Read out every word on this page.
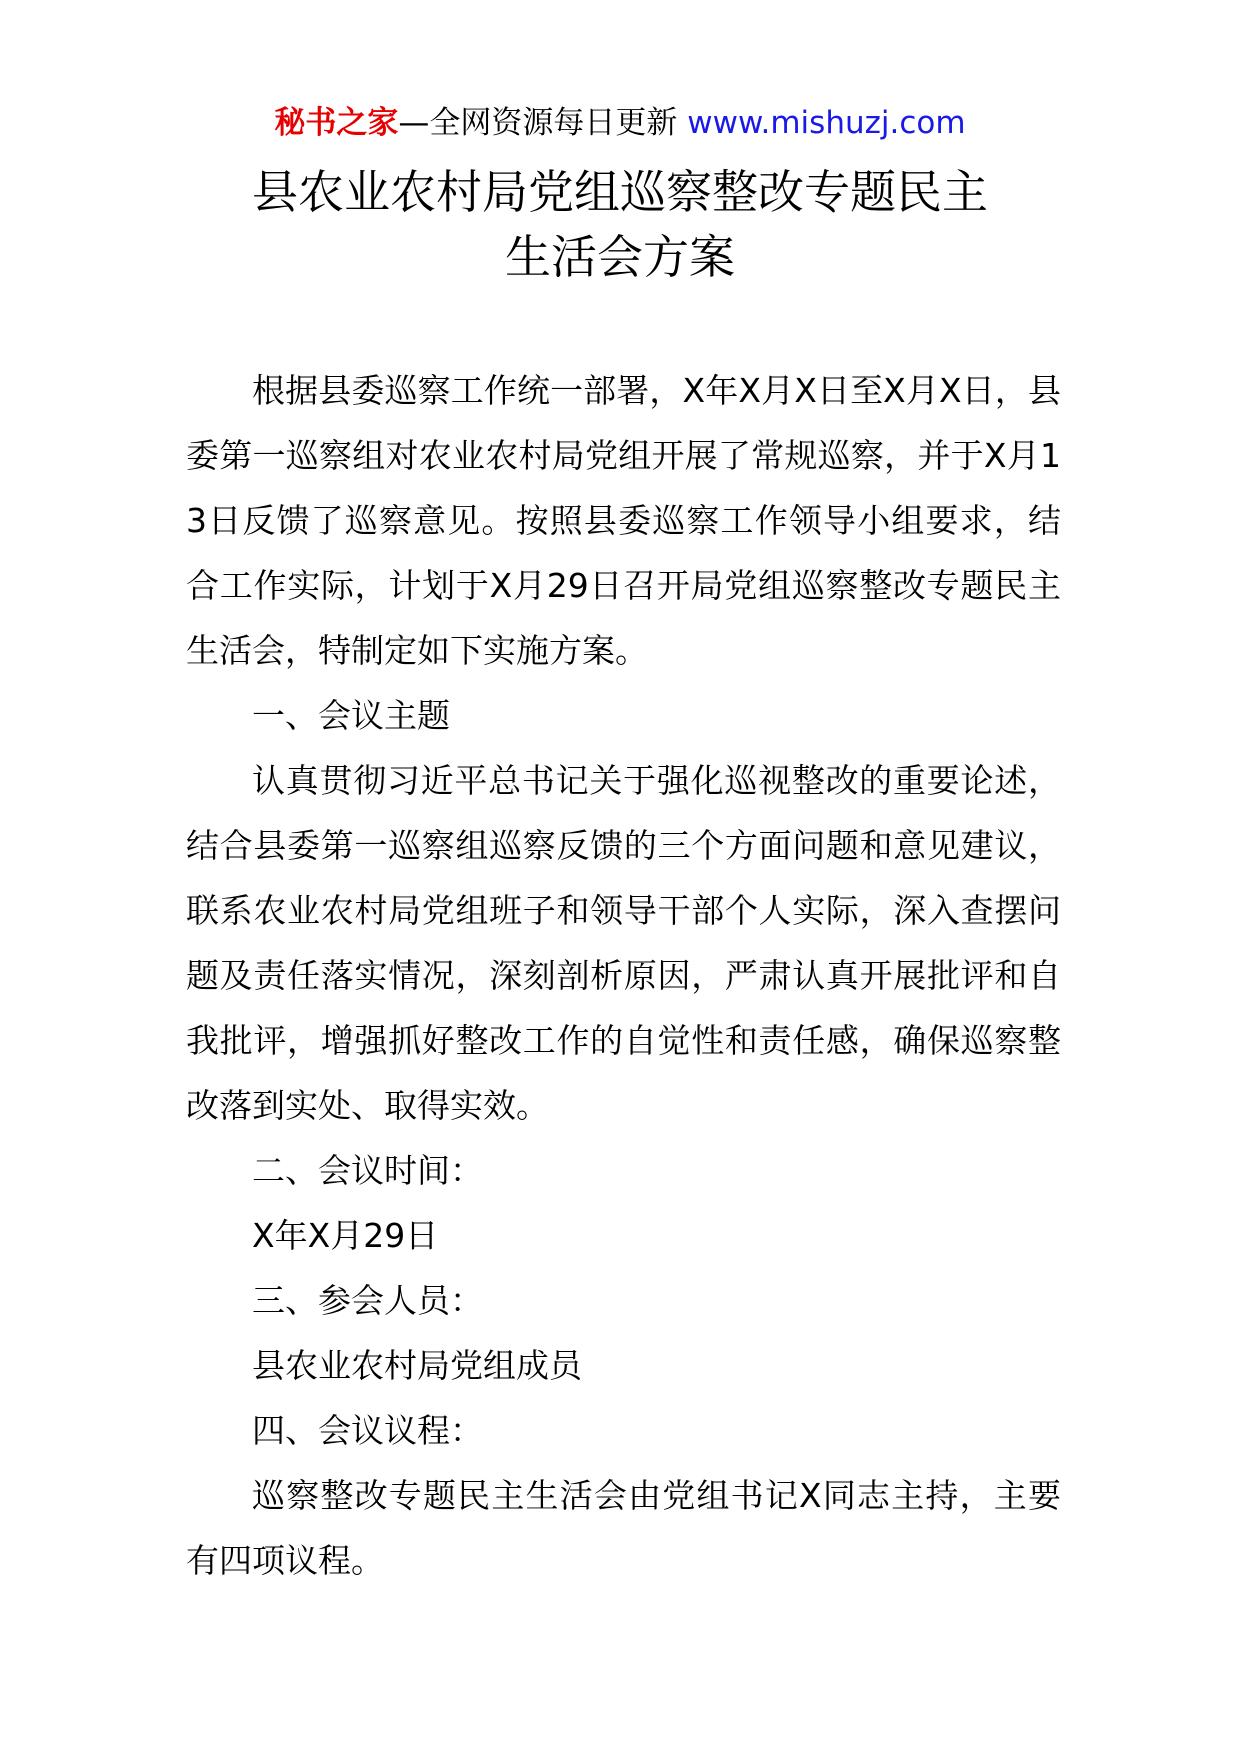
秘书之家—全网资源每日更新 www.mishuzj.com
县农业农村局党组巡察整改专题民主
生活会方案

根据县委巡察工作统一部署，X年X月X日至X月X日，县委第一巡察组对农业农村局党组开展了常规巡察，并于X月13日反馈了巡察意见。按照县委巡察工作领导小组要求，结合工作实际，计划于X月29日召开局党组巡察整改专题民主生活会，特制定如下实施方案。

一、会议主题

认真贯彻习近平总书记关于强化巡视整改的重要论述，结合县委第一巡察组巡察反馈的三个方面问题和意见建议，联系农业农村局党组班子和领导干部个人实际，深入查摆问题及责任落实情况，深刻剖析原因，严肃认真开展批评和自我批评，增强抓好整改工作的自觉性和责任感，确保巡察整改落到实处、取得实效。

二、会议时间：

X年X月29日

三、参会人员：

县农业农村局党组成员

四、会议议程：

巡察整改专题民主生活会由党组书记X同志主持，主要有四项议程。
